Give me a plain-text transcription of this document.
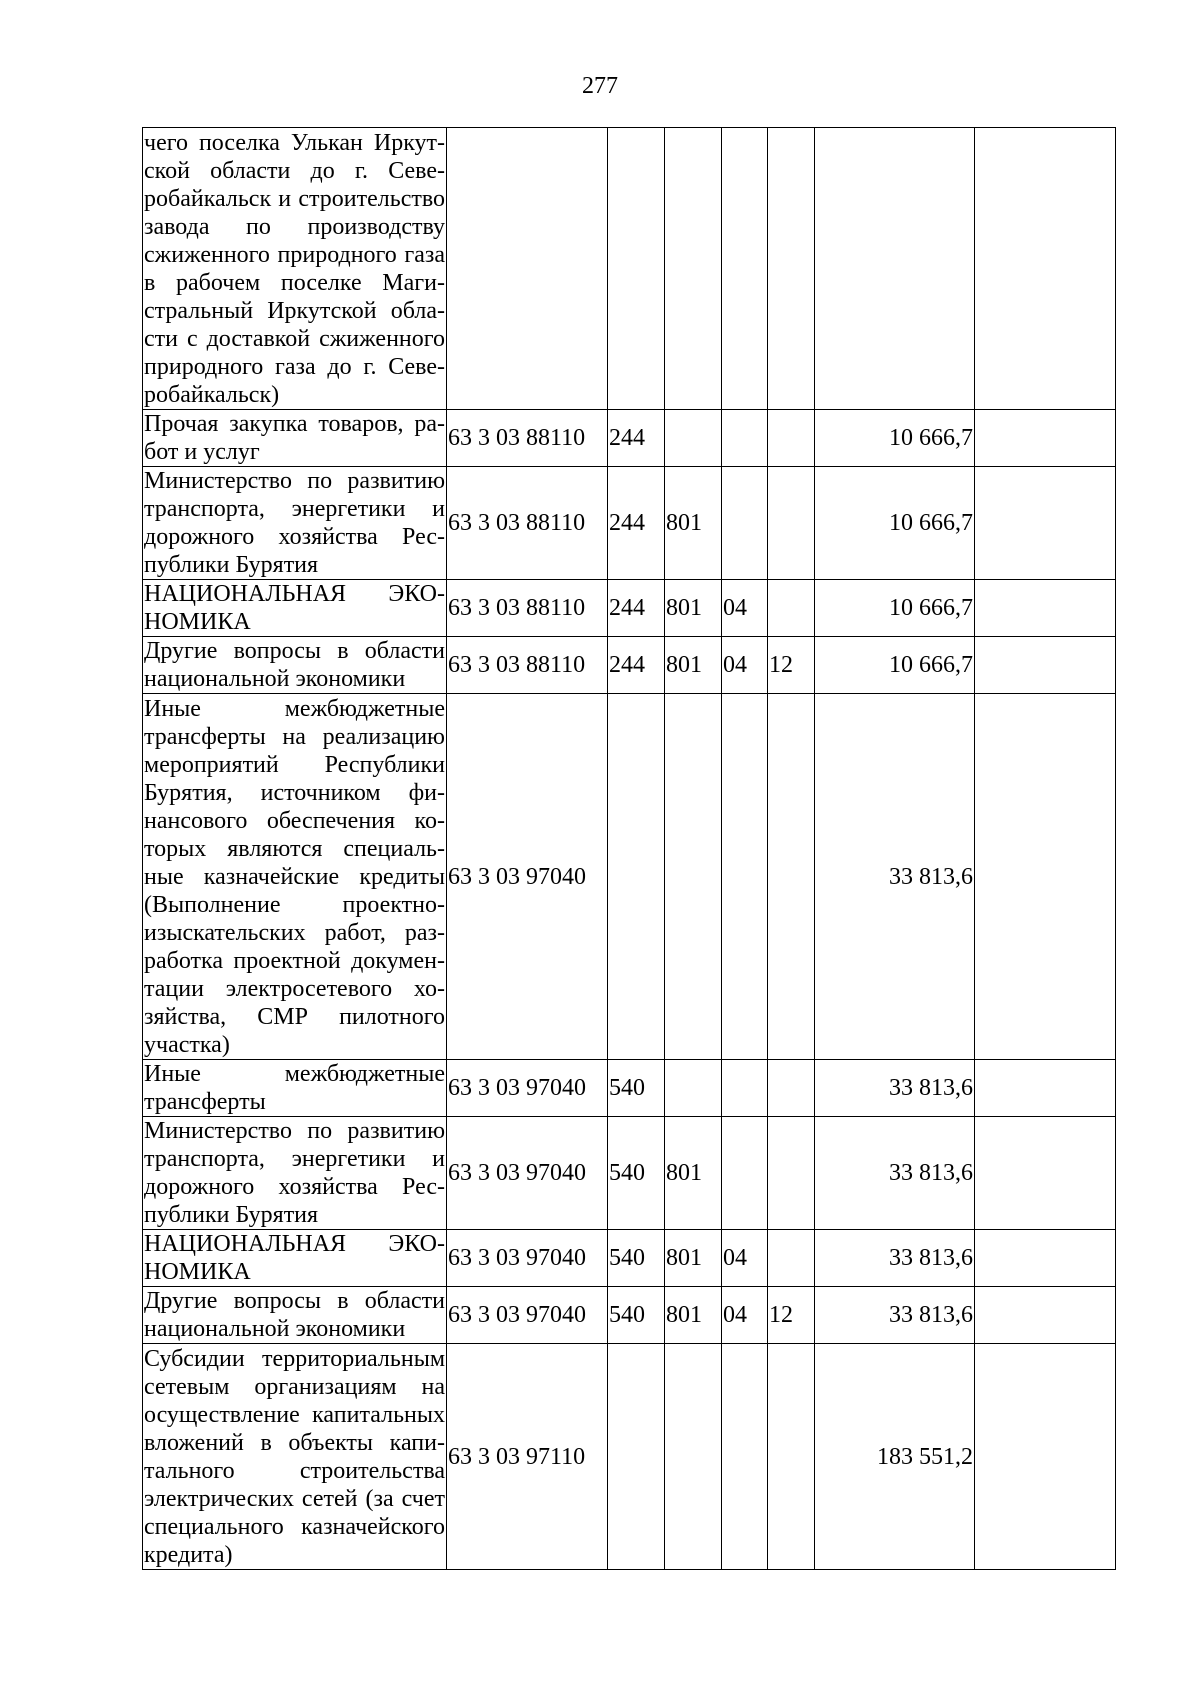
277
чего поселка Улькан Иркутской области до г. Северобайкальск и строительство завода по производству сжиженного природного газа в рабочем поселке Магистральный Иркутской области с доставкой сжиженного природного газа до г. Северобайкальск)							
Прочая закупка товаров, работ и услуг	63 3 03 88110	244				10 666,7	
Министерство по развитию транспорта, энергетики и дорожного хозяйства Республики Бурятия	63 3 03 88110	244	801			10 666,7	
НАЦИОНАЛЬНАЯ ЭКОНОМИКА	63 3 03 88110	244	801	04		10 666,7	
Другие вопросы в области национальной экономики	63 3 03 88110	244	801	04	12	10 666,7	
Иные межбюджетные трансферты на реализацию мероприятий Республики Бурятия, источником финансового обеспечения которых являются специальные казначейские кредиты (Выполнение проектно-изыскательских работ, разработка проектной документации электросетевого хозяйства, СМР пилотного участка)	63 3 03 97040					33 813,6	
Иные межбюджетные трансферты	63 3 03 97040	540				33 813,6	
Министерство по развитию транспорта, энергетики и дорожного хозяйства Республики Бурятия	63 3 03 97040	540	801			33 813,6	
НАЦИОНАЛЬНАЯ ЭКОНОМИКА	63 3 03 97040	540	801	04		33 813,6	
Другие вопросы в области национальной экономики	63 3 03 97040	540	801	04	12	33 813,6	
Субсидии территориальным сетевым организациям на осуществление капитальных вложений в объекты капитального строительства электрических сетей (за счет специального казначейского кредита)	63 3 03 97110					183 551,2	
